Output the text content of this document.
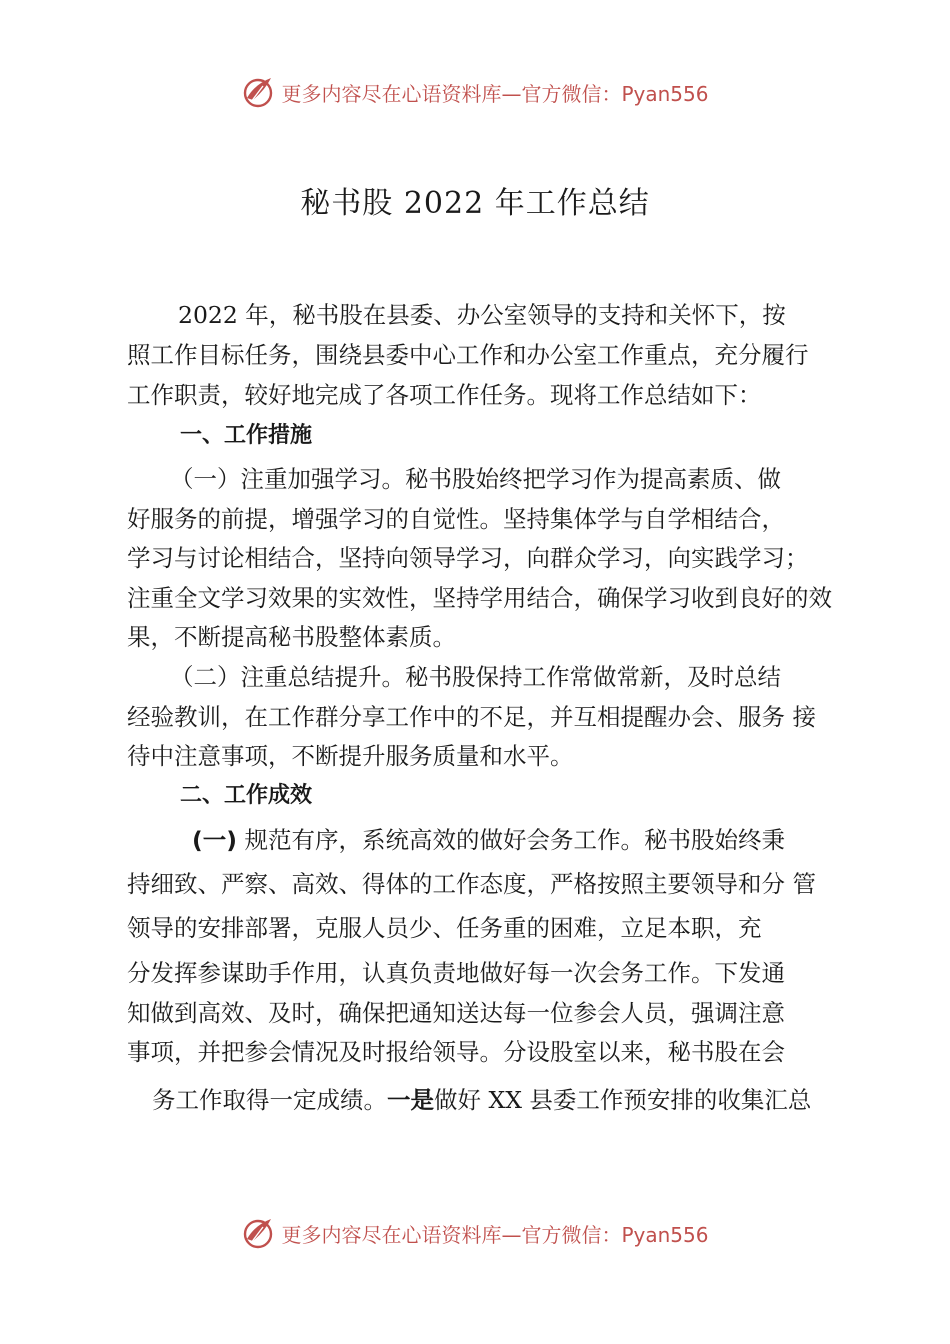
更多内容尽在心语资料库—官方微信：Pyan556
秘书股 2022 年工作总结
2022 年，秘书股在县委、办公室领导的支持和关怀下，按
照工作目标任务，围绕县委中心工作和办公室工作重点，充分履行
工作职责，较好地完成了各项工作任务。现将工作总结如下：
一、工作措施
（一）注重加强学习。秘书股始终把学习作为提高素质、做
好服务的前提，增强学习的自觉性。坚持集体学与自学相结合，
学习与讨论相结合，坚持向领导学习，向群众学习，向实践学习；
注重全文学习效果的实效性，坚持学用结合，确保学习收到良好的效
果，不断提高秘书股整体素质。
（二）注重总结提升。秘书股保持工作常做常新，及时总结
经验教训，在工作群分享工作中的不足，并互相提醒办会、服务 接
待中注意事项，不断提升服务质量和水平。
二、工作成效
(一) 规范有序，系统高效的做好会务工作。秘书股始终秉
持细致、严察、高效、得体的工作态度，严格按照主要领导和分 管
领导的安排部署，克服人员少、任务重的困难，立足本职，充
分发挥参谋助手作用，认真负责地做好每一次会务工作。下发通
知做到高效、及时，确保把通知送达每一位参会人员，强调注意
事项，并把参会情况及时报给领导。分设股室以来，秘书股在会
务工作取得一定成绩。一是做好 XX 县委工作预安排的收集汇总
更多内容尽在心语资料库—官方微信：Pyan556
